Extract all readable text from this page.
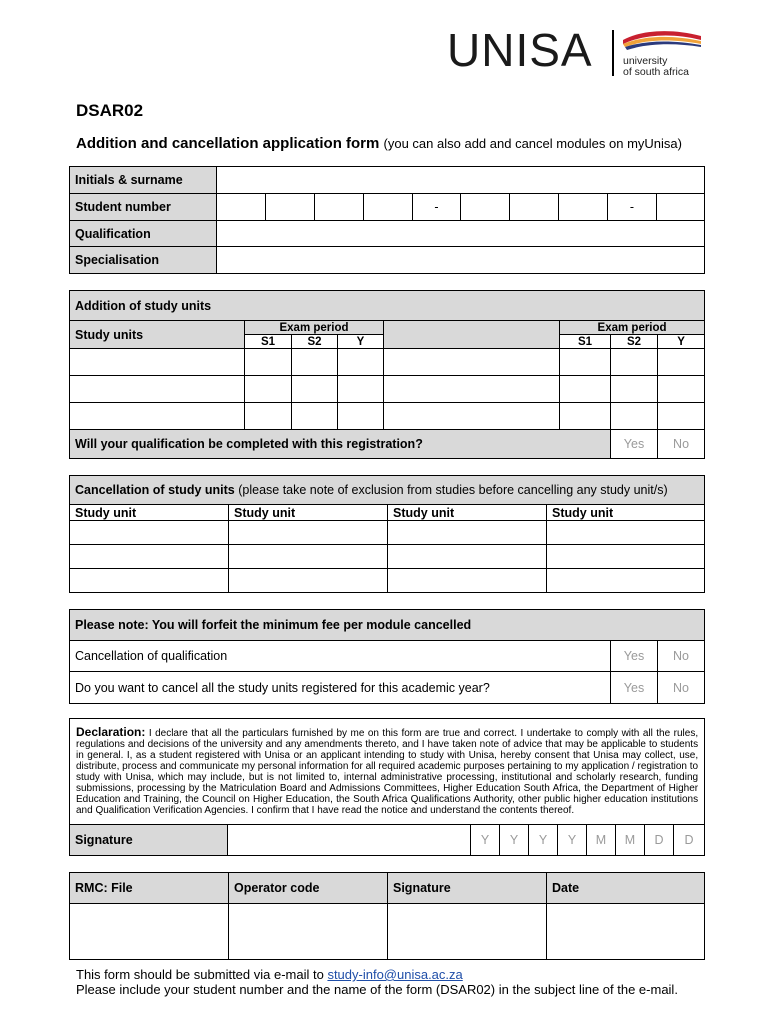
UNISA	university
of south africa
DSAR02
Addition and cancellation application form (you can also add and cancel modules on myUnisa)
Initials & surname										
Student number					-				-	
Qualification										
Specialisation										
Addition of study units							
Study units	Exam period				Exam period		
	S1	S2	Y		S1	S2	Y

Will your qualification be completed with this registration?						Yes	No
Cancellation of study units (please take note of exclusion from studies before cancelling any study unit/s)			
Study unit	Study unit	Study unit	Study unit

Please note: You will forfeit the minimum fee per module cancelled		
Cancellation of qualification	Yes	No
Do you want to cancel all the study units registered for this academic year?	Yes	No
Declaration: I declare that all the particulars furnished by me on this form are true and correct. I undertake to comply with all the rules, regulations and decisions of the university and any amendments thereto, and I have taken note of advice that may be applicable to students in general. I, as a student registered with Unisa or an applicant intending to study with Unisa, hereby consent that Unisa may collect, use, distribute, process and communicate my personal information for all required academic purposes pertaining to my application / registration to study with Unisa, which may include, but is not limited to, internal administrative processing, institutional and scholarly research, funding submissions, processing by the Matriculation Board and Admissions Committees, Higher Education South Africa, the Department of Higher Education and Training, the Council on Higher Education, the South Africa Qualifications Authority, other public higher education institutions and Qualification Verification Agencies. I confirm that I have read the notice and understand the contents thereof.
Signature		Y	Y	Y	Y	M	M	D	D
RMC: File	Operator code	Signature	Date

This form should be submitted via e-mail to study-info@unisa.ac.za
Please include your student number and the name of the form (DSAR02) in the subject line of the e-mail.
